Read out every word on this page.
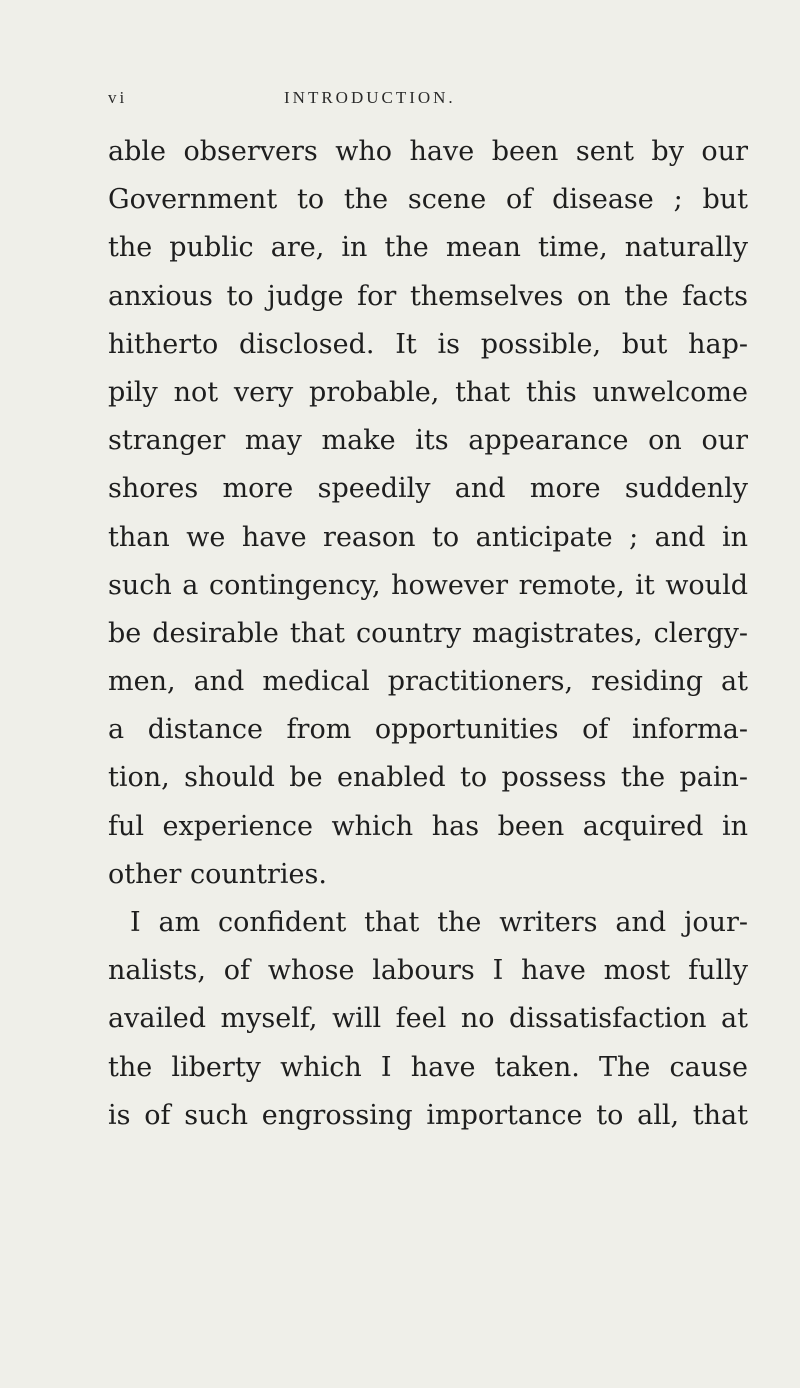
vi	INTRODUCTION.
able observers who have been sent by our
Government to the scene of disease ; but
the public are, in the mean time, naturally
anxious to judge for themselves on the facts
hitherto disclosed. It is possible, but hap-
pily not very probable, that this unwelcome
stranger may make its appearance on our
shores more speedily and more suddenly
than we have reason to anticipate ; and in
such a contingency, however remote, it would
be desirable that country magistrates, clergy-
men, and medical practitioners, residing at
a distance from opportunities of informa-
tion, should be enabled to possess the pain-
ful experience which has been acquired in
other countries.
I am confident that the writers and jour-
nalists, of whose labours I have most fully
availed myself, will feel no dissatisfaction at
the liberty which I have taken. The cause
is of such engrossing importance to all, that
